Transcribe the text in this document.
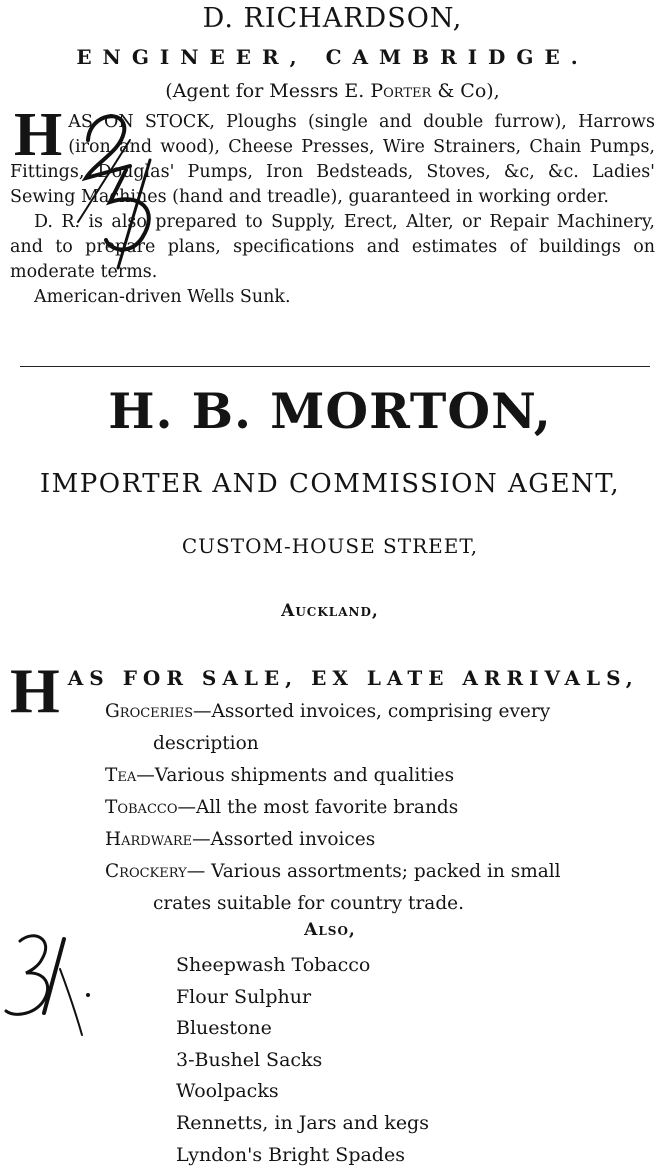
D. RICHARDSON,
ENGINEER, CAMBRIDGE.
(Agent for Messrs E. Porter & Co),
HAS ON STOCK, Ploughs (single and double furrow), Harrows (iron and wood), Cheese Presses, Wire Strainers, Chain Pumps, Fittings, Douglas' Pumps, Iron Bedsteads, Stoves, &c, &c. Ladies' Sewing Machines (hand and treadle), guaranteed in working order.
D. R. is also prepared to Supply, Erect, Alter, or Repair Machinery, and to prepare plans, specifications and estimates of buildings on moderate terms.
American-driven Wells Sunk.
H. B. MORTON,
IMPORTER AND COMMISSION AGENT,
CUSTOM-HOUSE STREET,
Auckland,
H AS FOR SALE, EX LATE ARRIVALS,
Groceries—Assorted invoices, comprising every
description
Tea—Various shipments and qualities
Tobacco—All the most favorite brands
Hardware—Assorted invoices
Crockery— Various assortments; packed in small
crates suitable for country trade.
Also,
Sheepwash Tobacco
Flour Sulphur
Bluestone
3-Bushel Sacks
Woolpacks
Rennetts, in Jars and kegs
Lyndon's Bright Spades
